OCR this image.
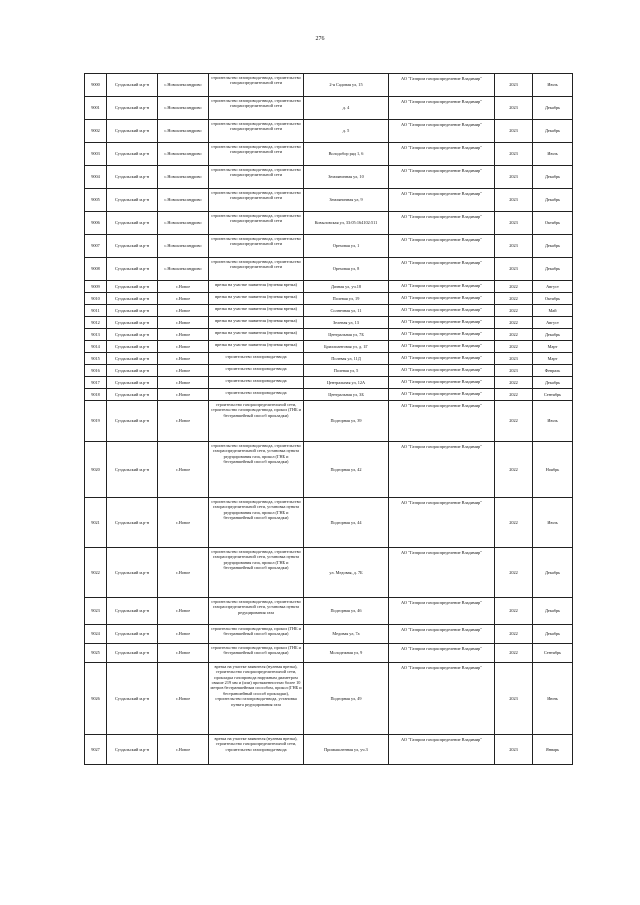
276
9000	Суздальский м.р-н	с.Новоалександрово	строительство газопровода-ввода, строительство газораспределительной сети	2-я Садовая ул, 15	АО "Газпром газораспределение Владимир"	2023	Июль
9001	Суздальский м.р-н	с.Новоалександрово	строительство газопровода-ввода, строительство газораспределительной сети	д. 4	АО "Газпром газораспределение Владимир"	2023	Декабрь
9002	Суздальский м.р-н	с.Новоалександрово	строительство газопровода-ввода, строительство газораспределительной сети	д. 5	АО "Газпром газораспределение Владимир"	2023	Декабрь
9003	Суздальский м.р-н	с.Новоалександрово	строительство газопровода-ввода, строительство газораспределительной сети	Володобор ряд 1, 6	АО "Газпром газораспределение Владимир"	2023	Июль
9004	Суздальский м.р-н	с.Новоалександрово	строительство газопровода-ввода, строительство газораспределительной сети	Земляничная ул, 10	АО "Газпром газораспределение Владимир"	2023	Декабрь
9005	Суздальский м.р-н	с.Новоалександрово	строительство газопровода-ввода, строительство газораспределительной сети	Земляничная ул, 9	АО "Газпром газораспределение Владимир"	2023	Декабрь
9006	Суздальский м.р-н	с.Новоалександрово	строительство газопровода-ввода, строительство газораспределительной сети	Ковыловская ул, 33:05:164102:511	АО "Газпром газораспределение Владимир"	2023	Октябрь
9007	Суздальский м.р-н	с.Новоалександрово	строительство газопровода-ввода, строительство газораспределительной сети	Ореховая ул, 1	АО "Газпром газораспределение Владимир"	2023	Декабрь
9008	Суздальский м.р-н	с.Новоалександрово	строительство газопровода-ввода, строительство газораспределительной сети	Ореховая ул, 8	АО "Газпром газораспределение Владимир"	2023	Декабрь
9009	Суздальский м.р-н	с.Новое	врезка на участке заявителя (нулевая врезка)	Дачная ул, уч.18	АО "Газпром газораспределение Владимир"	2022	Август
9010	Суздальский м.р-н	с.Новое	врезка на участке заявителя (нулевая врезка)	Полевая ул, 19	АО "Газпром газораспределение Владимир"	2022	Октябрь
9011	Суздальский м.р-н	с.Новое	врезка на участке заявителя (нулевая врезка)	Солнечная ул, 11	АО "Газпром газораспределение Владимир"	2022	Май
9012	Суздальский м.р-н	с.Новое	врезка на участке заявителя (нулевая врезка)	Зеленая ул, 13	АО "Газпром газораспределение Владимир"	2022	Август
9013	Суздальский м.р-н	с.Новое	врезка на участке заявителя (нулевая врезка)	Центральная ул, 7Б	АО "Газпром газораспределение Владимир"	2022	Декабрь
9014	Суздальский м.р-н	с.Новое	врезка на участке заявителя (нулевая врезка)	Бриллиантовая ул, д. 1Г	АО "Газпром газораспределение Владимир"	2022	Март
9015	Суздальский м.р-н	с.Новое	строительство газопровода-ввода	Полевая ул, 11Д	АО "Газпром газораспределение Владимир"	2023	Март
9016	Суздальский м.р-н	с.Новое	строительство газопровода-ввода	Полевая ул, 5	АО "Газпром газораспределение Владимир"	2023	Февраль
9017	Суздальский м.р-н	с.Новое	строительство газопровода-ввода	Центральная ул, 12А	АО "Газпром газораспределение Владимир"	2022	Декабрь
9018	Суздальский м.р-н	с.Новое	строительство газопровода-ввода	Центральная ул, 3Б	АО "Газпром газораспределение Владимир"	2022	Сентябрь
9019	Суздальский м.р-н	с.Новое	строительство газораспределительной сети, строительство газопровода-ввода, прокол (ГНБ и бестраншейный способ прокладки)	Подгорная ул, 39	АО "Газпром газораспределение Владимир"	2022	Июль
9020	Суздальский м.р-н	с.Новое	строительство газопровода-ввода, строительство газораспределительной сети, установка пункта редуцирования газа, прокол (ГНБ и бестраншейный способ прокладки)	Подгорная ул, 42	АО "Газпром газораспределение Владимир"	2022	Ноябрь
9021	Суздальский м.р-н	с.Новое	строительство газопровода-ввода, строительство газораспределительной сети, установка пункта редуцирования газа, прокол (ГНБ и бестраншейный способ прокладки)	Подгорная ул, 44	АО "Газпром газораспределение Владимир"	2022	Июль
9022	Суздальский м.р-н	с.Новое	строительство газопровода-ввода, строительство газораспределительной сети, установка пункта редуцирования газа, прокол (ГНБ и бестраншейный способ прокладки)	ул. Медовая, д. 7Б	АО "Газпром газораспределение Владимир"	2022	Декабрь
9023	Суздальский м.р-н	с.Новое	строительство газопровода-ввода, строительство газораспределительной сети, установка пункта редуцирования газа	Подгорная ул, 46	АО "Газпром газораспределение Владимир"	2022	Декабрь
9024	Суздальский м.р-н	с.Новое	строительство газопровода-ввода, прокол (ГНБ и бестраншейный способ прокладки)	Медовая ул, 7а	АО "Газпром газораспределение Владимир"	2022	Декабрь
9025	Суздальский м.р-н	с.Новое	строительство газопровода-ввода, прокол (ГНБ и бестраншейный способ прокладки)	Молодежная ул, 9	АО "Газпром газораспределение Владимир"	2022	Сентябрь
9026	Суздальский м.р-н	с.Новое	врезка на участке заявителя (нулевая врезка), строительство газораспределительной сети, прокладка газопровода наружным диаметром свыше 219 мм и (или) протяженностью более 10 метров бестраншейным способом, прокол (ГНБ и бестраншейный способ прокладки), строительство газопровода-ввода, установка пункта редуцирования газа	Подгорная ул, 49	АО "Газпром газораспределение Владимир"	2023	Июнь
9027	Суздальский м.р-н	с.Новое	врезка на участке заявителя (нулевая врезка), строительство газораспределительной сети, строительство газопровода-ввода	Промышленная ул, уч.3	АО "Газпром газораспределение Владимир"	2023	Январь
